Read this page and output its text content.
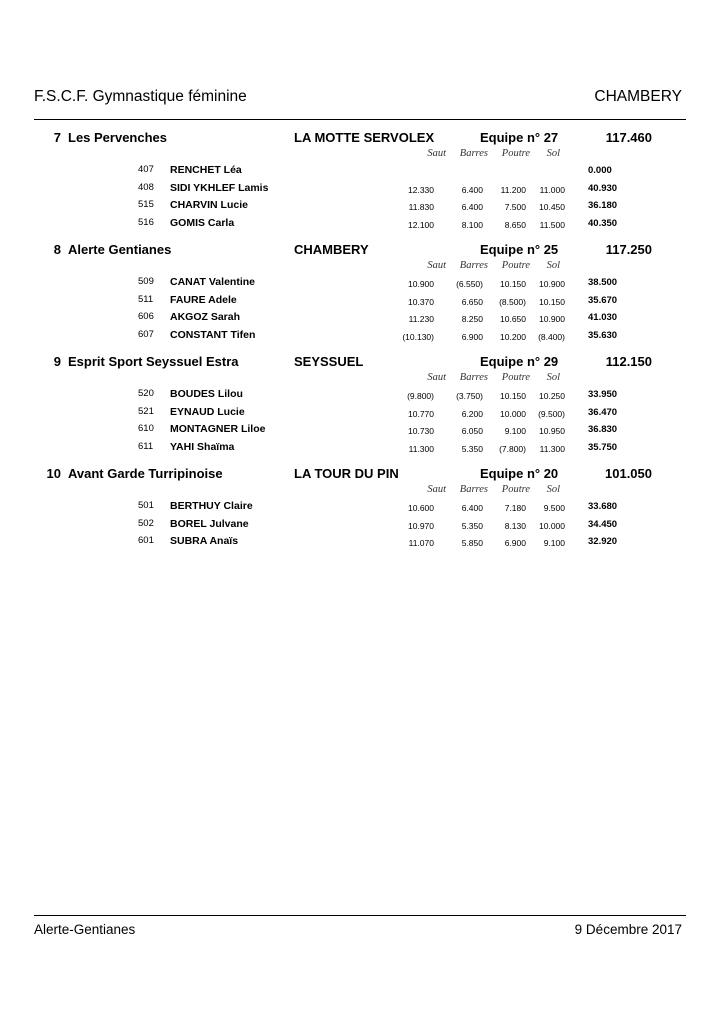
F.S.C.F. Gymnastique féminine	CHAMBERY
7 Les Pervenches	LA MOTTE SERVOLEX	Equipe n° 27	117.460
Saut Barres Poutre Sol
407 RENCHET Léa	0.000
408 SIDI YKHLEF Lamis	12.330	6.400 11.200 11.000 40.930
515 CHARVIN Lucie	11.830	6.400	7.500 10.450 36.180
516 GOMIS Carla	12.100	8.100	8.650 11.500 40.350
8 Alerte Gentianes	CHAMBERY	Equipe n° 25	117.250
Saut Barres Poutre Sol
509 CANAT Valentine	10.900	(6.550) 10.150 10.900 38.500
511 FAURE Adele	10.370	6.650 (8.500) 10.150 35.670
606 AKGOZ Sarah	11.230	8.250 10.650 10.900 41.030
607 CONSTANT Tifen	(10.130)	6.900 10.200 (8.400) 35.630
9 Esprit Sport Seyssuel Estra	SEYSSUEL	Equipe n° 29	112.150
Saut Barres Poutre Sol
520 BOUDES Lilou	(9.800)	(3.750) 10.150 10.250 33.950
521 EYNAUD Lucie	10.770	6.200 10.000 (9.500) 36.470
610 MONTAGNER Liloe	10.730	6.050	9.100 10.950 36.830
611 YAHI Shaïma	11.300	5.350 (7.800) 11.300 35.750
10 Avant Garde Turripinoise	LA TOUR DU PIN	Equipe n° 20	101.050
Saut Barres Poutre Sol
501 BERTHUY Claire	10.600	6.400	7.180 9.500 33.680
502 BOREL Julvane	10.970	5.350	8.130 10.000 34.450
601 SUBRA Anaïs	11.070	5.850	6.900 9.100 32.920
Alerte-Gentianes	9 Décembre 2017
